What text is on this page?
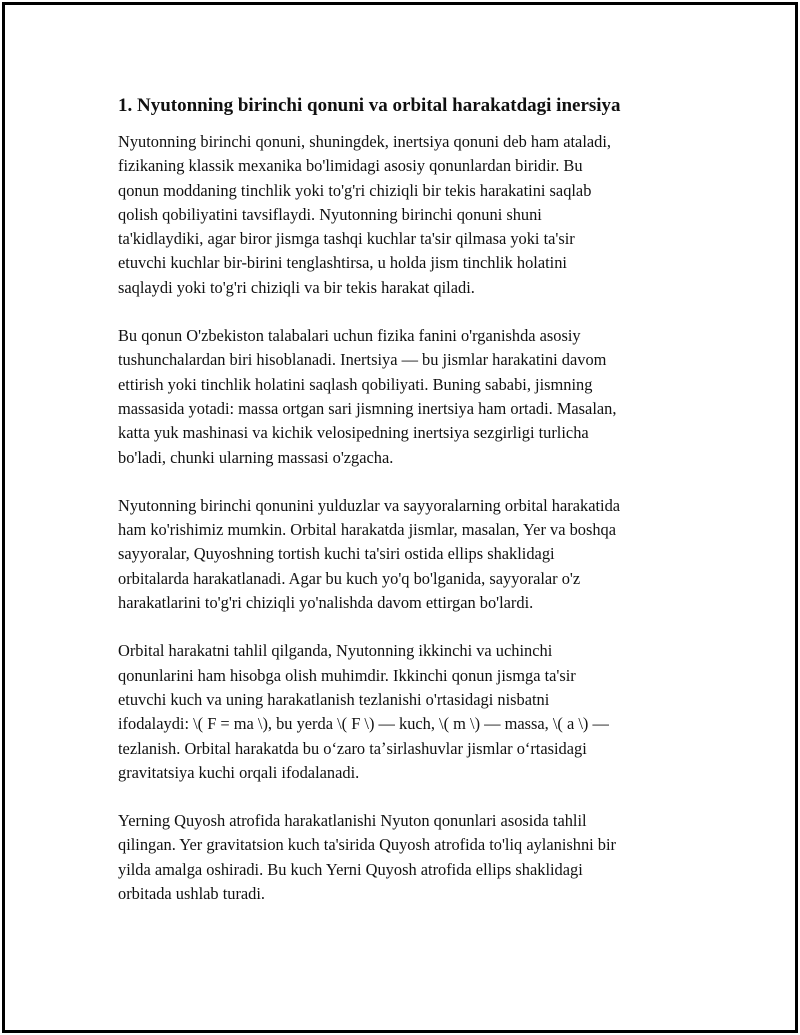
1. Nyutonning birinchi qonuni va orbital harakatdagi inersiya

Nyutonning birinchi qonuni, shuningdek, inertsiya qonuni deb ham ataladi,
fizikaning klassik mexanika bo'limidagi asosiy qonunlardan biridir. Bu
qonun moddaning tinchlik yoki to'g'ri chiziqli bir tekis harakatini saqlab
qolish qobiliyatini tavsiflaydi. Nyutonning birinchi qonuni shuni
ta'kidlaydiki, agar biror jismga tashqi kuchlar ta'sir qilmasa yoki ta'sir
etuvchi kuchlar bir-birini tenglashtirsa, u holda jism tinchlik holatini
saqlaydi yoki to'g'ri chiziqli va bir tekis harakat qiladi.

Bu qonun O'zbekiston talabalari uchun fizika fanini o'rganishda asosiy
tushunchalardan biri hisoblanadi. Inertsiya — bu jismlar harakatini davom
ettirish yoki tinchlik holatini saqlash qobiliyati. Buning sababi, jismning
massasida yotadi: massa ortgan sari jismning inertsiya ham ortadi. Masalan,
katta yuk mashinasi va kichik velosipedning inertsiya sezgirligi turlicha
bo'ladi, chunki ularning massasi o'zgacha.

Nyutonning birinchi qonunini yulduzlar va sayyoralarning orbital harakatida
ham ko'rishimiz mumkin. Orbital harakatda jismlar, masalan, Yer va boshqa
sayyoralar, Quyoshning tortish kuchi ta'siri ostida ellips shaklidagi
orbitalarda harakatlanadi. Agar bu kuch yo'q bo'lganida, sayyoralar o'z
harakatlarini to'g'ri chiziqli yo'nalishda davom ettirgan bo'lardi.

Orbital harakatni tahlil qilganda, Nyutonning ikkinchi va uchinchi
qonunlarini ham hisobga olish muhimdir. Ikkinchi qonun jismga ta'sir
etuvchi kuch va uning harakatlanish tezlanishi o'rtasidagi nisbatni
ifodalaydi: \( F = ma \), bu yerda \( F \) — kuch, \( m \) — massa, \( a \) —
tezlanish. Orbital harakatda bu oʻzaro taʼsirlashuvlar jismlar oʻrtasidagi
gravitatsiya kuchi orqali ifodalanadi.

Yerning Quyosh atrofida harakatlanishi Nyuton qonunlari asosida tahlil
qilingan. Yer gravitatsion kuch ta'sirida Quyosh atrofida to'liq aylanishni bir
yilda amalga oshiradi. Bu kuch Yerni Quyosh atrofida ellips shaklidagi
orbitada ushlab turadi.
